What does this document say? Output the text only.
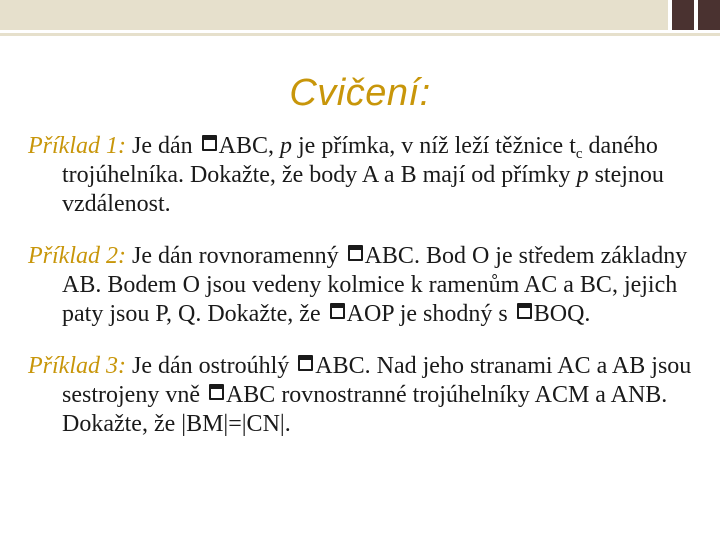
Cvičení:

Příklad 1: Je dán ABC, p je přímka, v níž leží těžnice $t_c$ daného trojúhelníka. Dokažte, že body A a B mají od přímky p stejnou vzdálenost.

Příklad 2: Je dán rovnoramenný ABC. Bod O je středem základny AB. Bodem O jsou vedeny kolmice k ramenům AC a BC, jejich paty jsou P, Q. Dokažte, že AOP je shodný s BOQ.

Příklad 3: Je dán ostroúhlý ABC. Nad jeho stranami AC a AB jsou sestrojeny vně ABC rovnostranné trojúhelníky ACM a ANB. Dokažte, že |BM|=|CN|.
